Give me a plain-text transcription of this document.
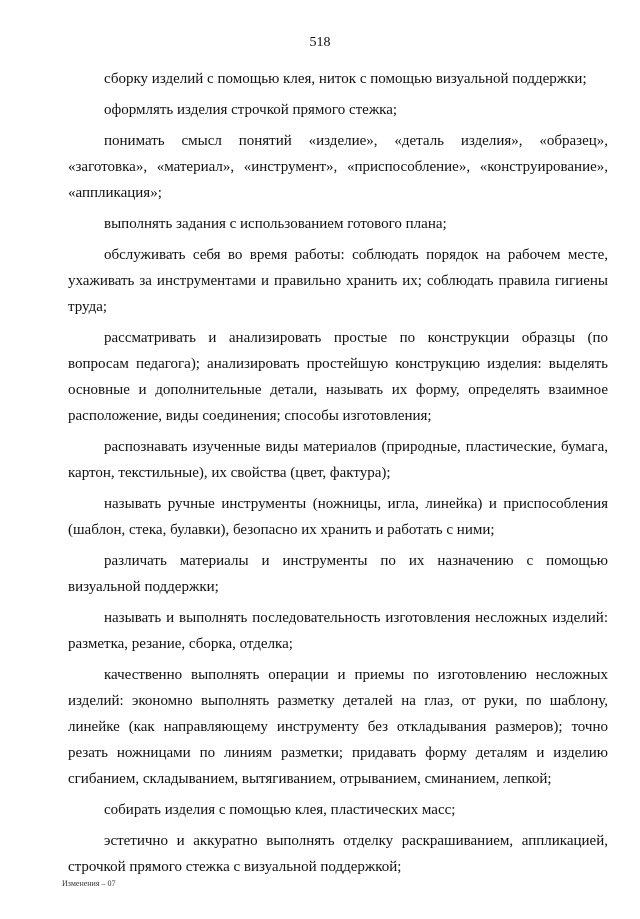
518

сборку изделий с помощью клея, ниток с помощью визуальной поддержки;

оформлять изделия строчкой прямого стежка;

понимать смысл понятий «изделие», «деталь изделия», «образец», «заготовка», «материал», «инструмент», «приспособление», «конструирование», «аппликация»;

выполнять задания с использованием готового плана;

обслуживать себя во время работы: соблюдать порядок на рабочем месте, ухаживать за инструментами и правильно хранить их; соблюдать правила гигиены труда;

рассматривать и анализировать простые по конструкции образцы (по вопросам педагога); анализировать простейшую конструкцию изделия: выделять основные и дополнительные детали, называть их форму, определять взаимное расположение, виды соединения; способы изготовления;

распознавать изученные виды материалов (природные, пластические, бумага, картон, текстильные), их свойства (цвет, фактура);

называть ручные инструменты (ножницы, игла, линейка) и приспособления (шаблон, стека, булавки), безопасно их хранить и работать с ними;

различать материалы и инструменты по их назначению с помощью визуальной поддержки;

называть и выполнять последовательность изготовления несложных изделий: разметка, резание, сборка, отделка;

качественно выполнять операции и приемы по изготовлению несложных изделий: экономно выполнять разметку деталей на глаз, от руки, по шаблону, линейке (как направляющему инструменту без откладывания размеров); точно резать ножницами по линиям разметки; придавать форму деталям и изделию сгибанием, складыванием, вытягиванием, отрыванием, сминанием, лепкой;

собирать изделия с помощью клея, пластических масс;

эстетично и аккуратно выполнять отделку раскрашиванием, аппликацией, строчкой прямого стежка с визуальной поддержкой;

Изменения – 07
